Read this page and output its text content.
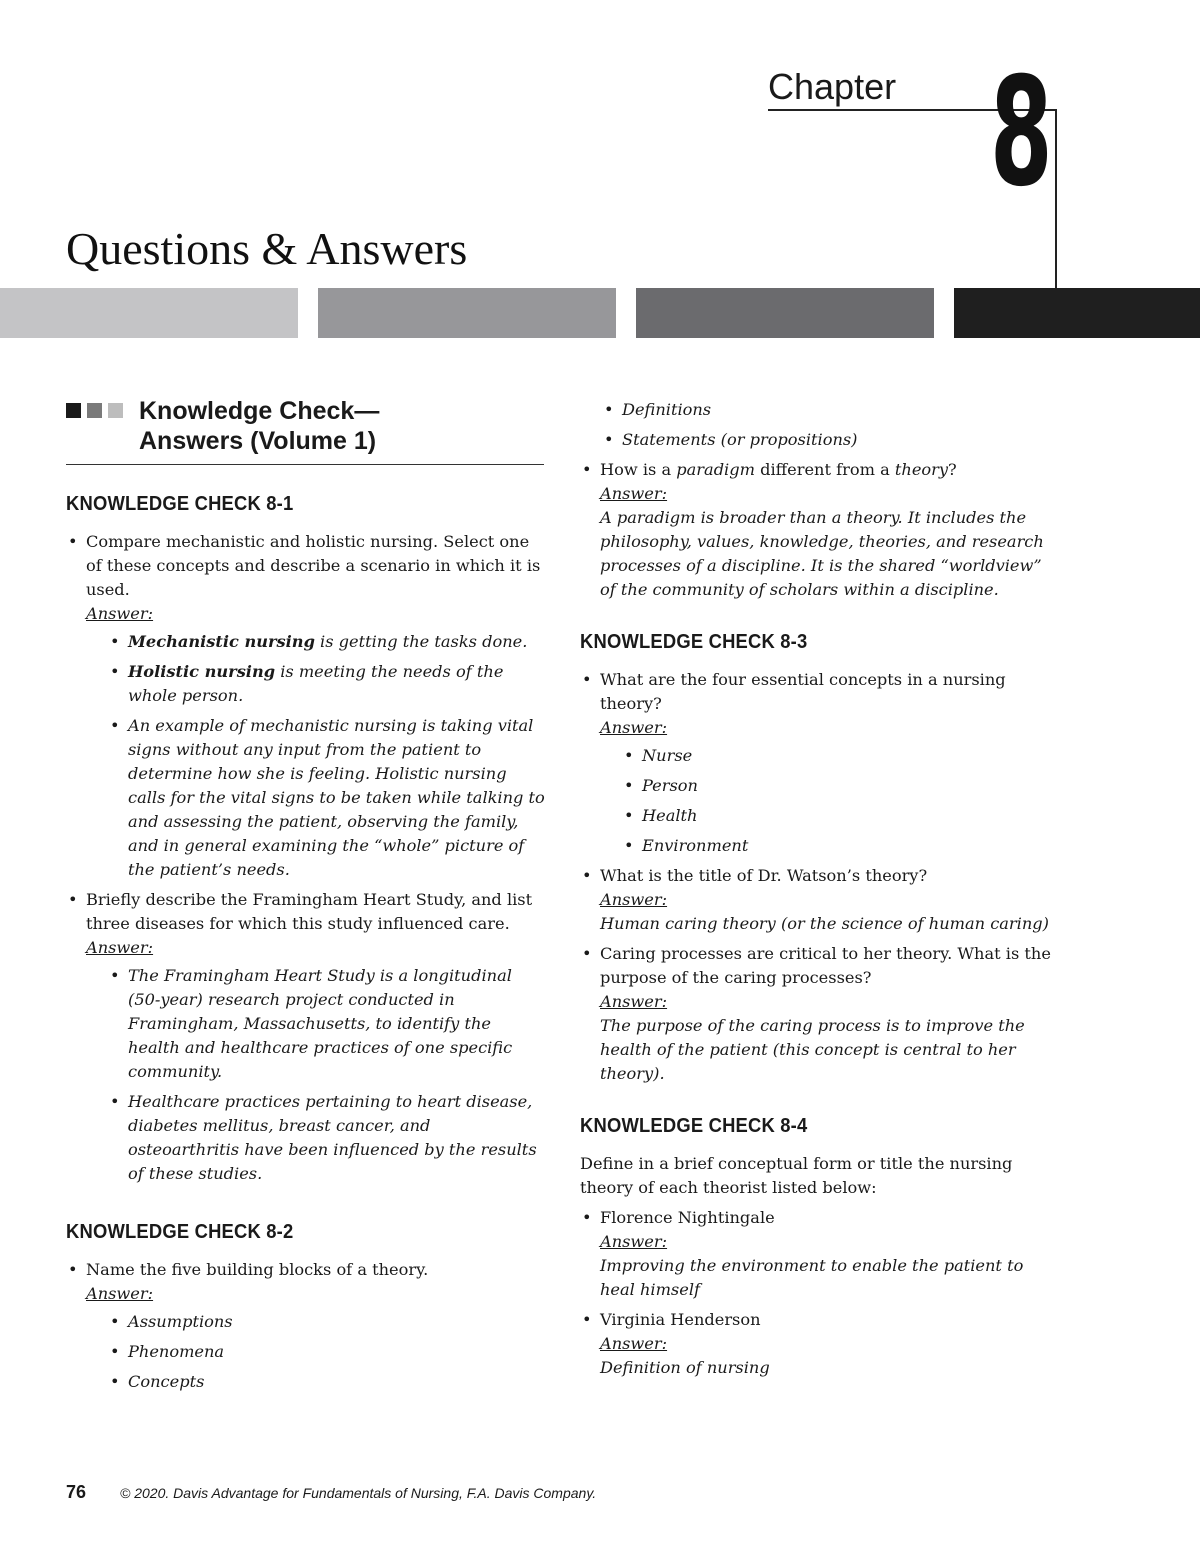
Chapter 8
Questions & Answers
Knowledge Check—
Answers (Volume 1)
KNOWLEDGE CHECK 8-1
• Compare mechanistic and holistic nursing. Select one of these concepts and describe a scenario in which it is used.
Answer:
• Mechanistic nursing is getting the tasks done.
• Holistic nursing is meeting the needs of the whole person.
• An example of mechanistic nursing is taking vital signs without any input from the patient to determine how she is feeling. Holistic nursing calls for the vital signs to be taken while talking to and assessing the patient, observing the family, and in general examining the “whole” picture of the patient’s needs.
• Briefly describe the Framingham Heart Study, and list three diseases for which this study influenced care.
Answer:
• The Framingham Heart Study is a longitudinal (50-year) research project conducted in Framingham, Massachusetts, to identify the health and healthcare practices of one specific community.
• Healthcare practices pertaining to heart disease, diabetes mellitus, breast cancer, and osteoarthritis have been influenced by the results of these studies.
KNOWLEDGE CHECK 8-2
• Name the five building blocks of a theory.
Answer:
• Assumptions
• Phenomena
• Concepts
• Definitions
• Statements (or propositions)
• How is a paradigm different from a theory?
Answer:
A paradigm is broader than a theory. It includes the philosophy, values, knowledge, theories, and research processes of a discipline. It is the shared “worldview” of the community of scholars within a discipline.
KNOWLEDGE CHECK 8-3
• What are the four essential concepts in a nursing theory?
Answer:
• Nurse
• Person
• Health
• Environment
• What is the title of Dr. Watson’s theory?
Answer:
Human caring theory (or the science of human caring)
• Caring processes are critical to her theory. What is the purpose of the caring processes?
Answer:
The purpose of the caring process is to improve the health of the patient (this concept is central to her theory).
KNOWLEDGE CHECK 8-4

Define in a brief conceptual form or title the nursing theory of each theorist listed below:

• Florence Nightingale
Answer:
Improving the environment to enable the patient to heal himself
• Virginia Henderson
Answer:
Definition of nursing
76 © 2020. Davis Advantage for Fundamentals of Nursing, F.A. Davis Company.
